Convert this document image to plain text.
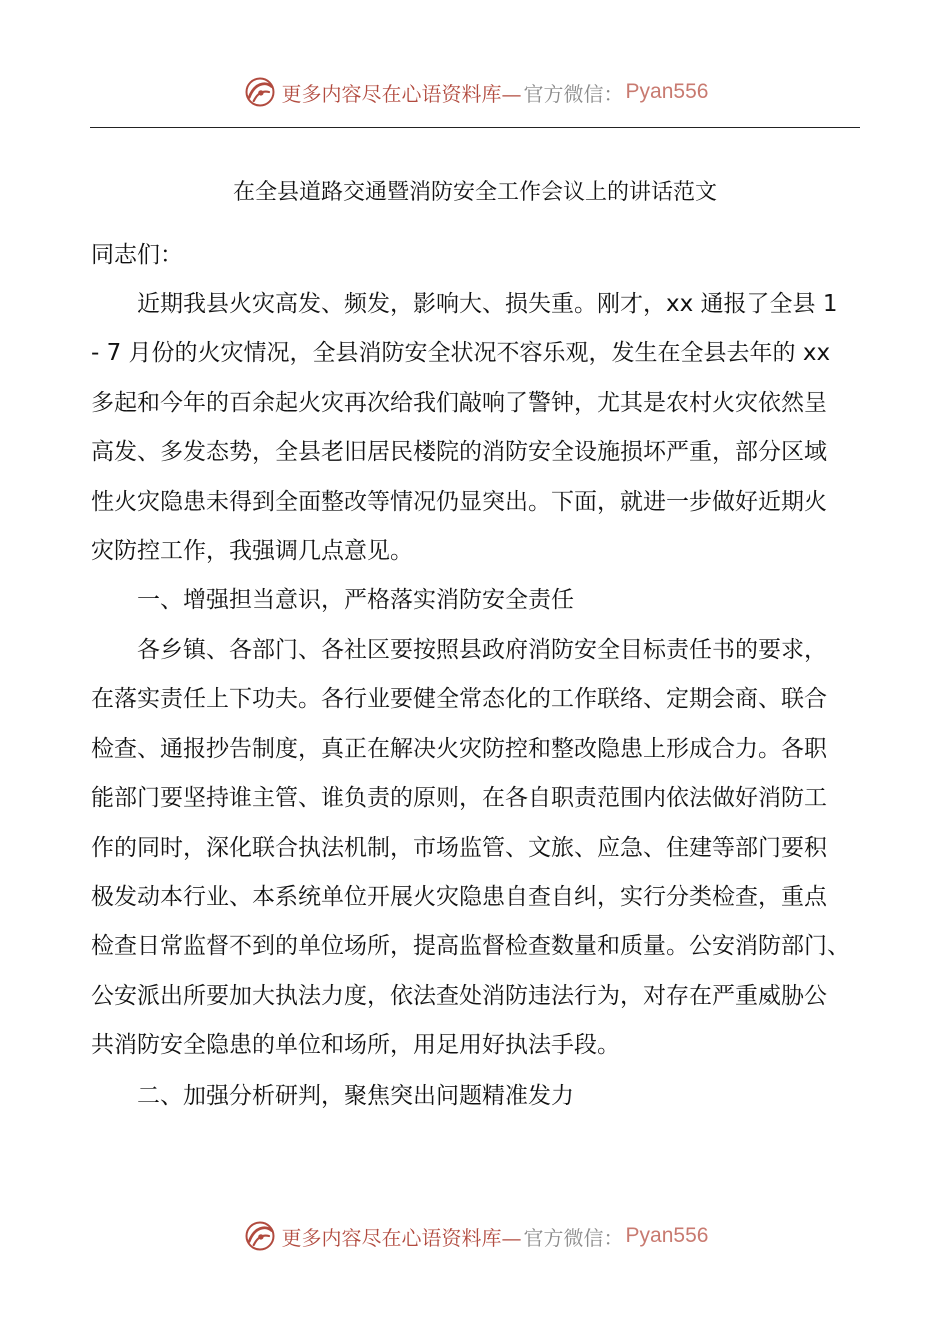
更多内容尽在心语资料库— 官方微信： Pyan556
在全县道路交通暨消防安全工作会议上的讲话范文
同志们：
　　近期我县火灾高发、频发，影响大、损失重。刚才，xx 通报了全县 1
- 7 月份的火灾情况，全县消防安全状况不容乐观，发生在全县去年的 xx
多起和今年的百余起火灾再次给我们敲响了警钟，尤其是农村火灾依然呈
高发、多发态势，全县老旧居民楼院的消防安全设施损坏严重，部分区域
性火灾隐患未得到全面整改等情况仍显突出。下面，就进一步做好近期火
灾防控工作，我强调几点意见。
　　一、增强担当意识，严格落实消防安全责任
　　各乡镇、各部门、各社区要按照县政府消防安全目标责任书的要求，
在落实责任上下功夫。各行业要健全常态化的工作联络、定期会商、联合
检查、通报抄告制度，真正在解决火灾防控和整改隐患上形成合力。各职
能部门要坚持谁主管、谁负责的原则，在各自职责范围内依法做好消防工
作的同时，深化联合执法机制，市场监管、文旅、应急、住建等部门要积
极发动本行业、本系统单位开展火灾隐患自查自纠，实行分类检查，重点
检查日常监督不到的单位场所，提高监督检查数量和质量。公安消防部门、
公安派出所要加大执法力度，依法查处消防违法行为，对存在严重威胁公
共消防安全隐患的单位和场所，用足用好执法手段。
　　二、加强分析研判，聚焦突出问题精准发力
更多内容尽在心语资料库— 官方微信： Pyan556
